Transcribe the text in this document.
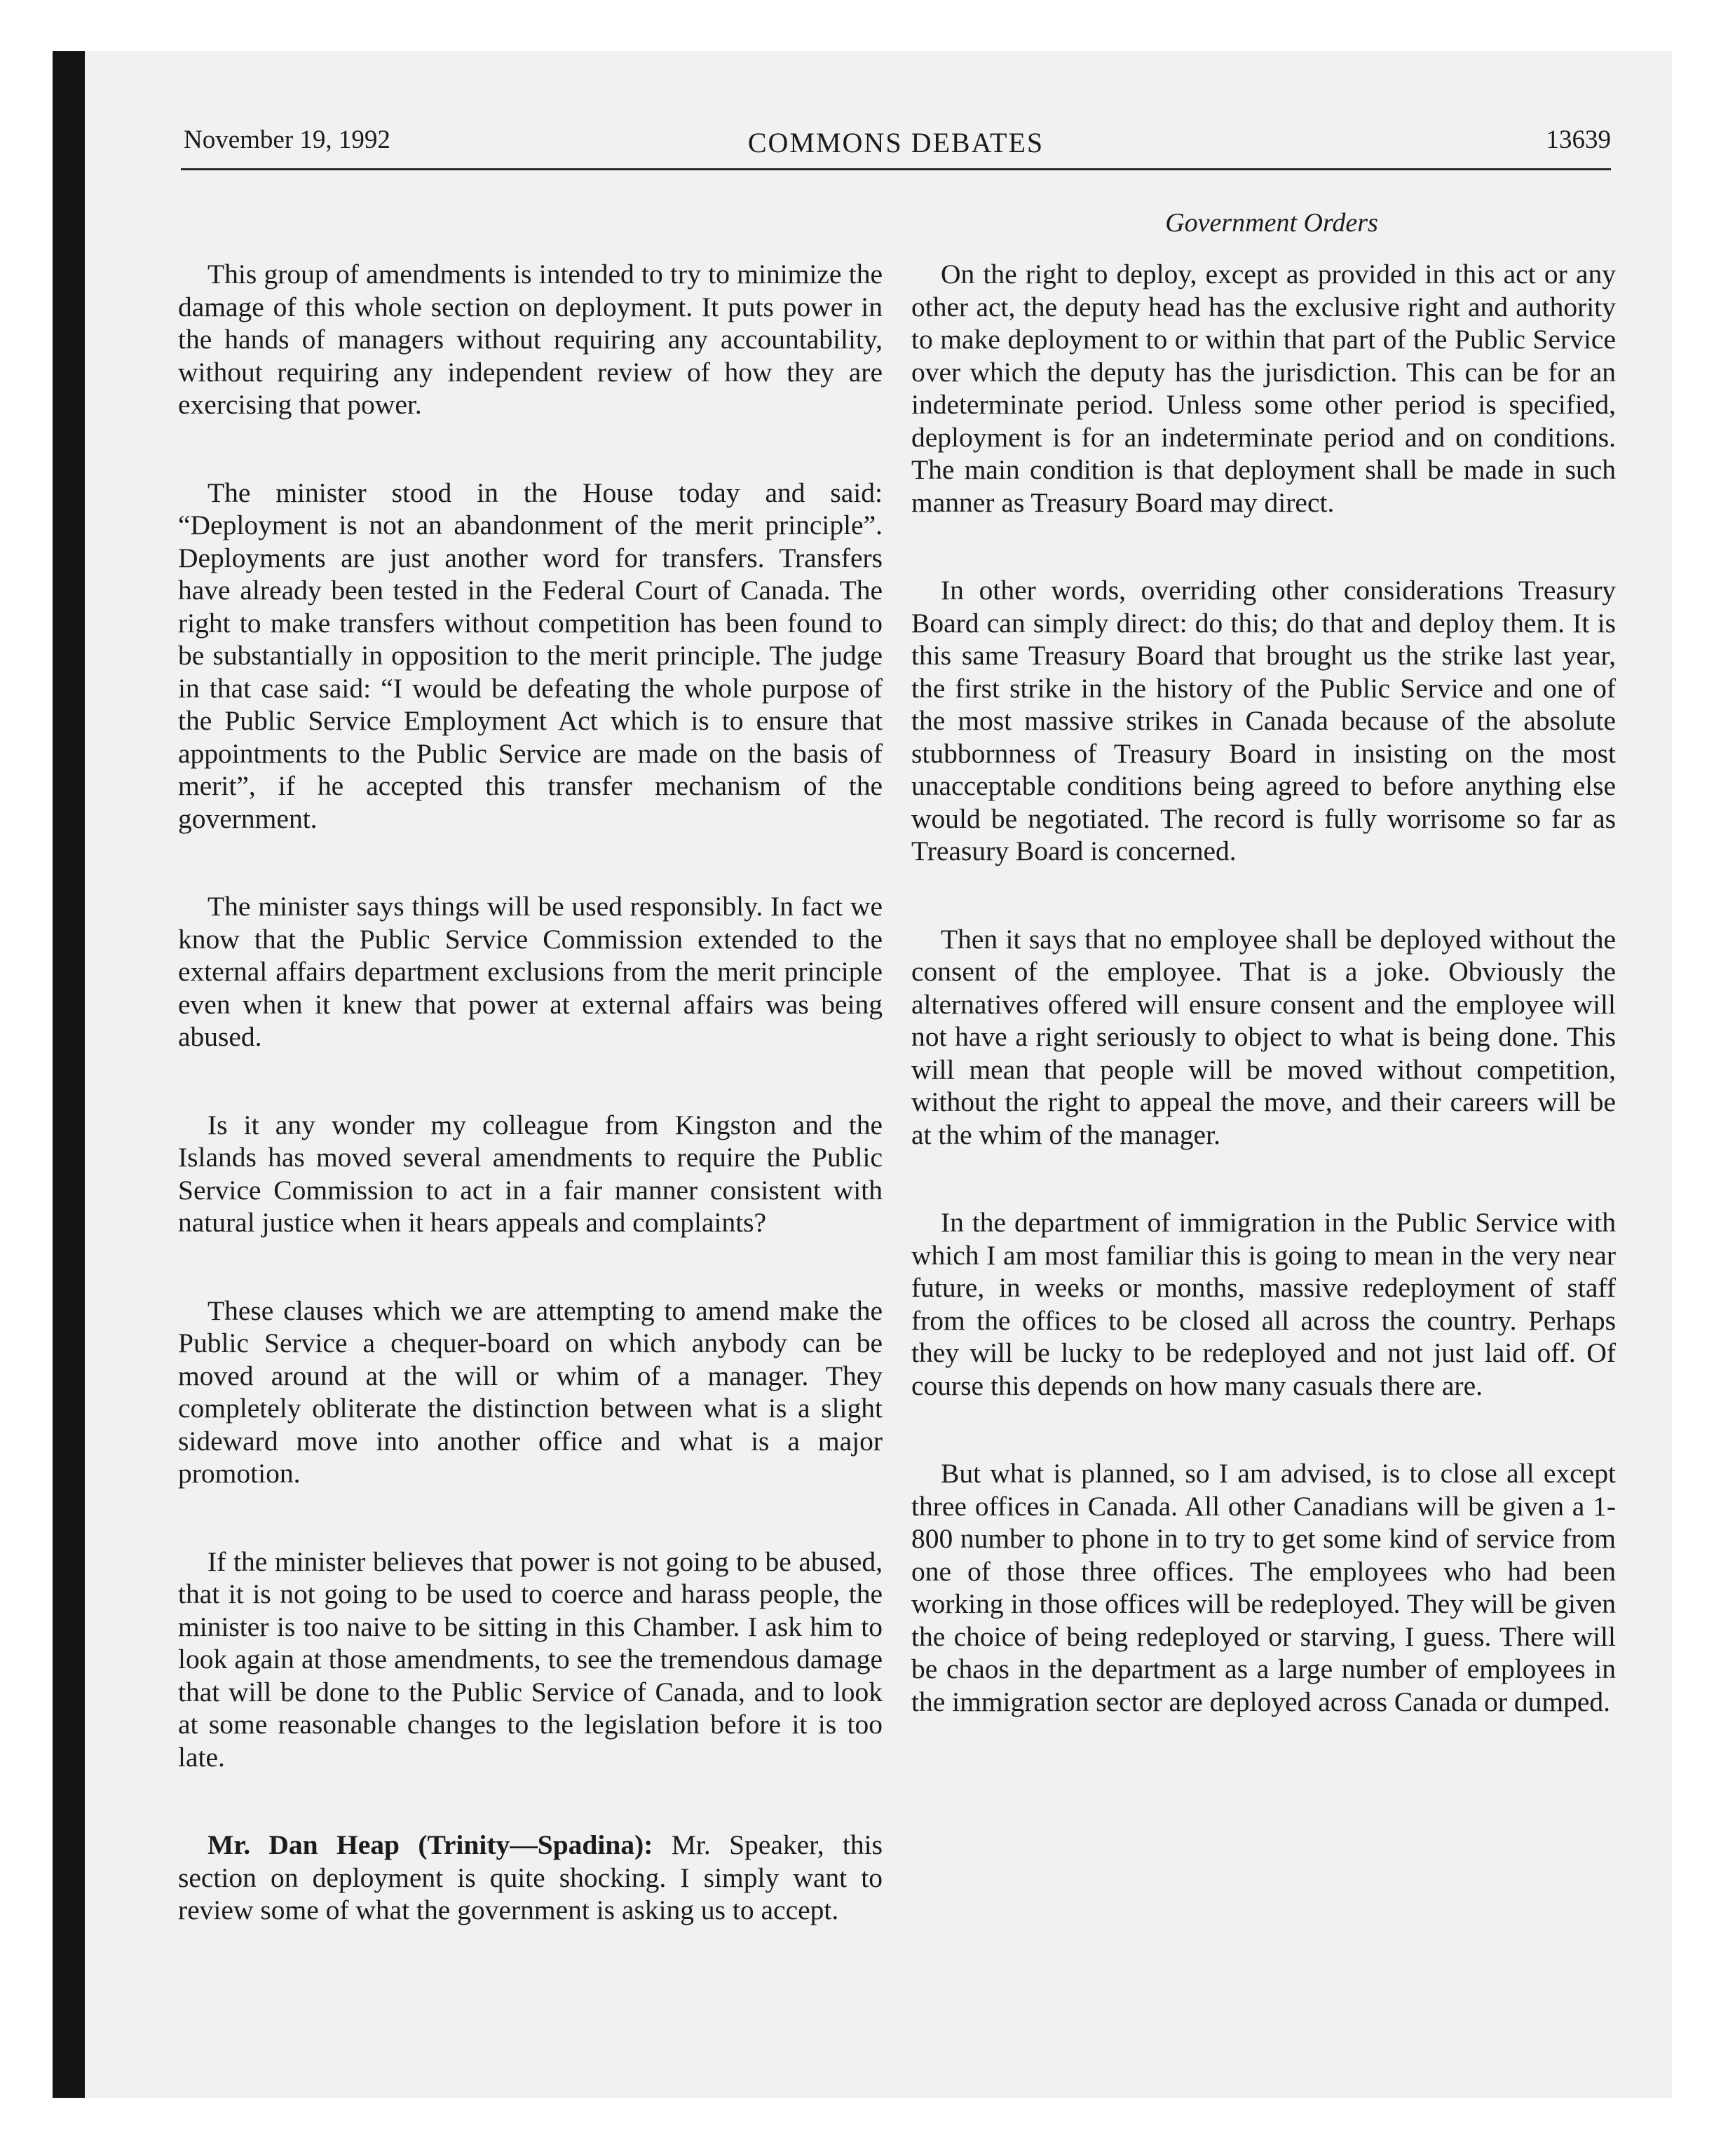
November 19, 1992	COMMONS DEBATES	13639
Government Orders

This group of amendments is intended to try to minimize the damage of this whole section on deployment. It puts power in the hands of managers without requiring any accountability, without requiring any independent review of how they are exercising that power.

The minister stood in the House today and said: “Deployment is not an abandonment of the merit principle”. Deployments are just another word for transfers. Transfers have already been tested in the Federal Court of Canada. The right to make transfers without competition has been found to be substantially in opposition to the merit principle. The judge in that case said: “I would be defeating the whole purpose of the Public Service Employment Act which is to ensure that appointments to the Public Service are made on the basis of merit”, if he accepted this transfer mechanism of the government.

The minister says things will be used responsibly. In fact we know that the Public Service Commission extended to the external affairs department exclusions from the merit principle even when it knew that power at external affairs was being abused.

Is it any wonder my colleague from Kingston and the Islands has moved several amendments to require the Public Service Commission to act in a fair manner consistent with natural justice when it hears appeals and complaints?

These clauses which we are attempting to amend make the Public Service a chequer-board on which anybody can be moved around at the will or whim of a manager. They completely obliterate the distinction between what is a slight sideward move into another office and what is a major promotion.

If the minister believes that power is not going to be abused, that it is not going to be used to coerce and harass people, the minister is too naive to be sitting in this Chamber. I ask him to look again at those amendments, to see the tremendous damage that will be done to the Public Service of Canada, and to look at some reasonable changes to the legislation before it is too late.

Mr. Dan Heap (Trinity—Spadina): Mr. Speaker, this section on deployment is quite shocking. I simply want to review some of what the government is asking us to accept.

On the right to deploy, except as provided in this act or any other act, the deputy head has the exclusive right and authority to make deployment to or within that part of the Public Service over which the deputy has the jurisdiction. This can be for an indeterminate period. Unless some other period is specified, deployment is for an indeterminate period and on conditions. The main condition is that deployment shall be made in such manner as Treasury Board may direct.

In other words, overriding other considerations Treasury Board can simply direct: do this; do that and deploy them. It is this same Treasury Board that brought us the strike last year, the first strike in the history of the Public Service and one of the most massive strikes in Canada because of the absolute stubbornness of Treasury Board in insisting on the most unacceptable conditions being agreed to before anything else would be negotiated. The record is fully worrisome so far as Treasury Board is concerned.

Then it says that no employee shall be deployed without the consent of the employee. That is a joke. Obviously the alternatives offered will ensure consent and the employee will not have a right seriously to object to what is being done. This will mean that people will be moved without competition, without the right to appeal the move, and their careers will be at the whim of the manager.

In the department of immigration in the Public Service with which I am most familiar this is going to mean in the very near future, in weeks or months, massive redeployment of staff from the offices to be closed all across the country. Perhaps they will be lucky to be redeployed and not just laid off. Of course this depends on how many casuals there are.

But what is planned, so I am advised, is to close all except three offices in Canada. All other Canadians will be given a 1-800 number to phone in to try to get some kind of service from one of those three offices. The employees who had been working in those offices will be redeployed. They will be given the choice of being redeployed or starving, I guess. There will be chaos in the department as a large number of employees in the immigration sector are deployed across Canada or dumped.
